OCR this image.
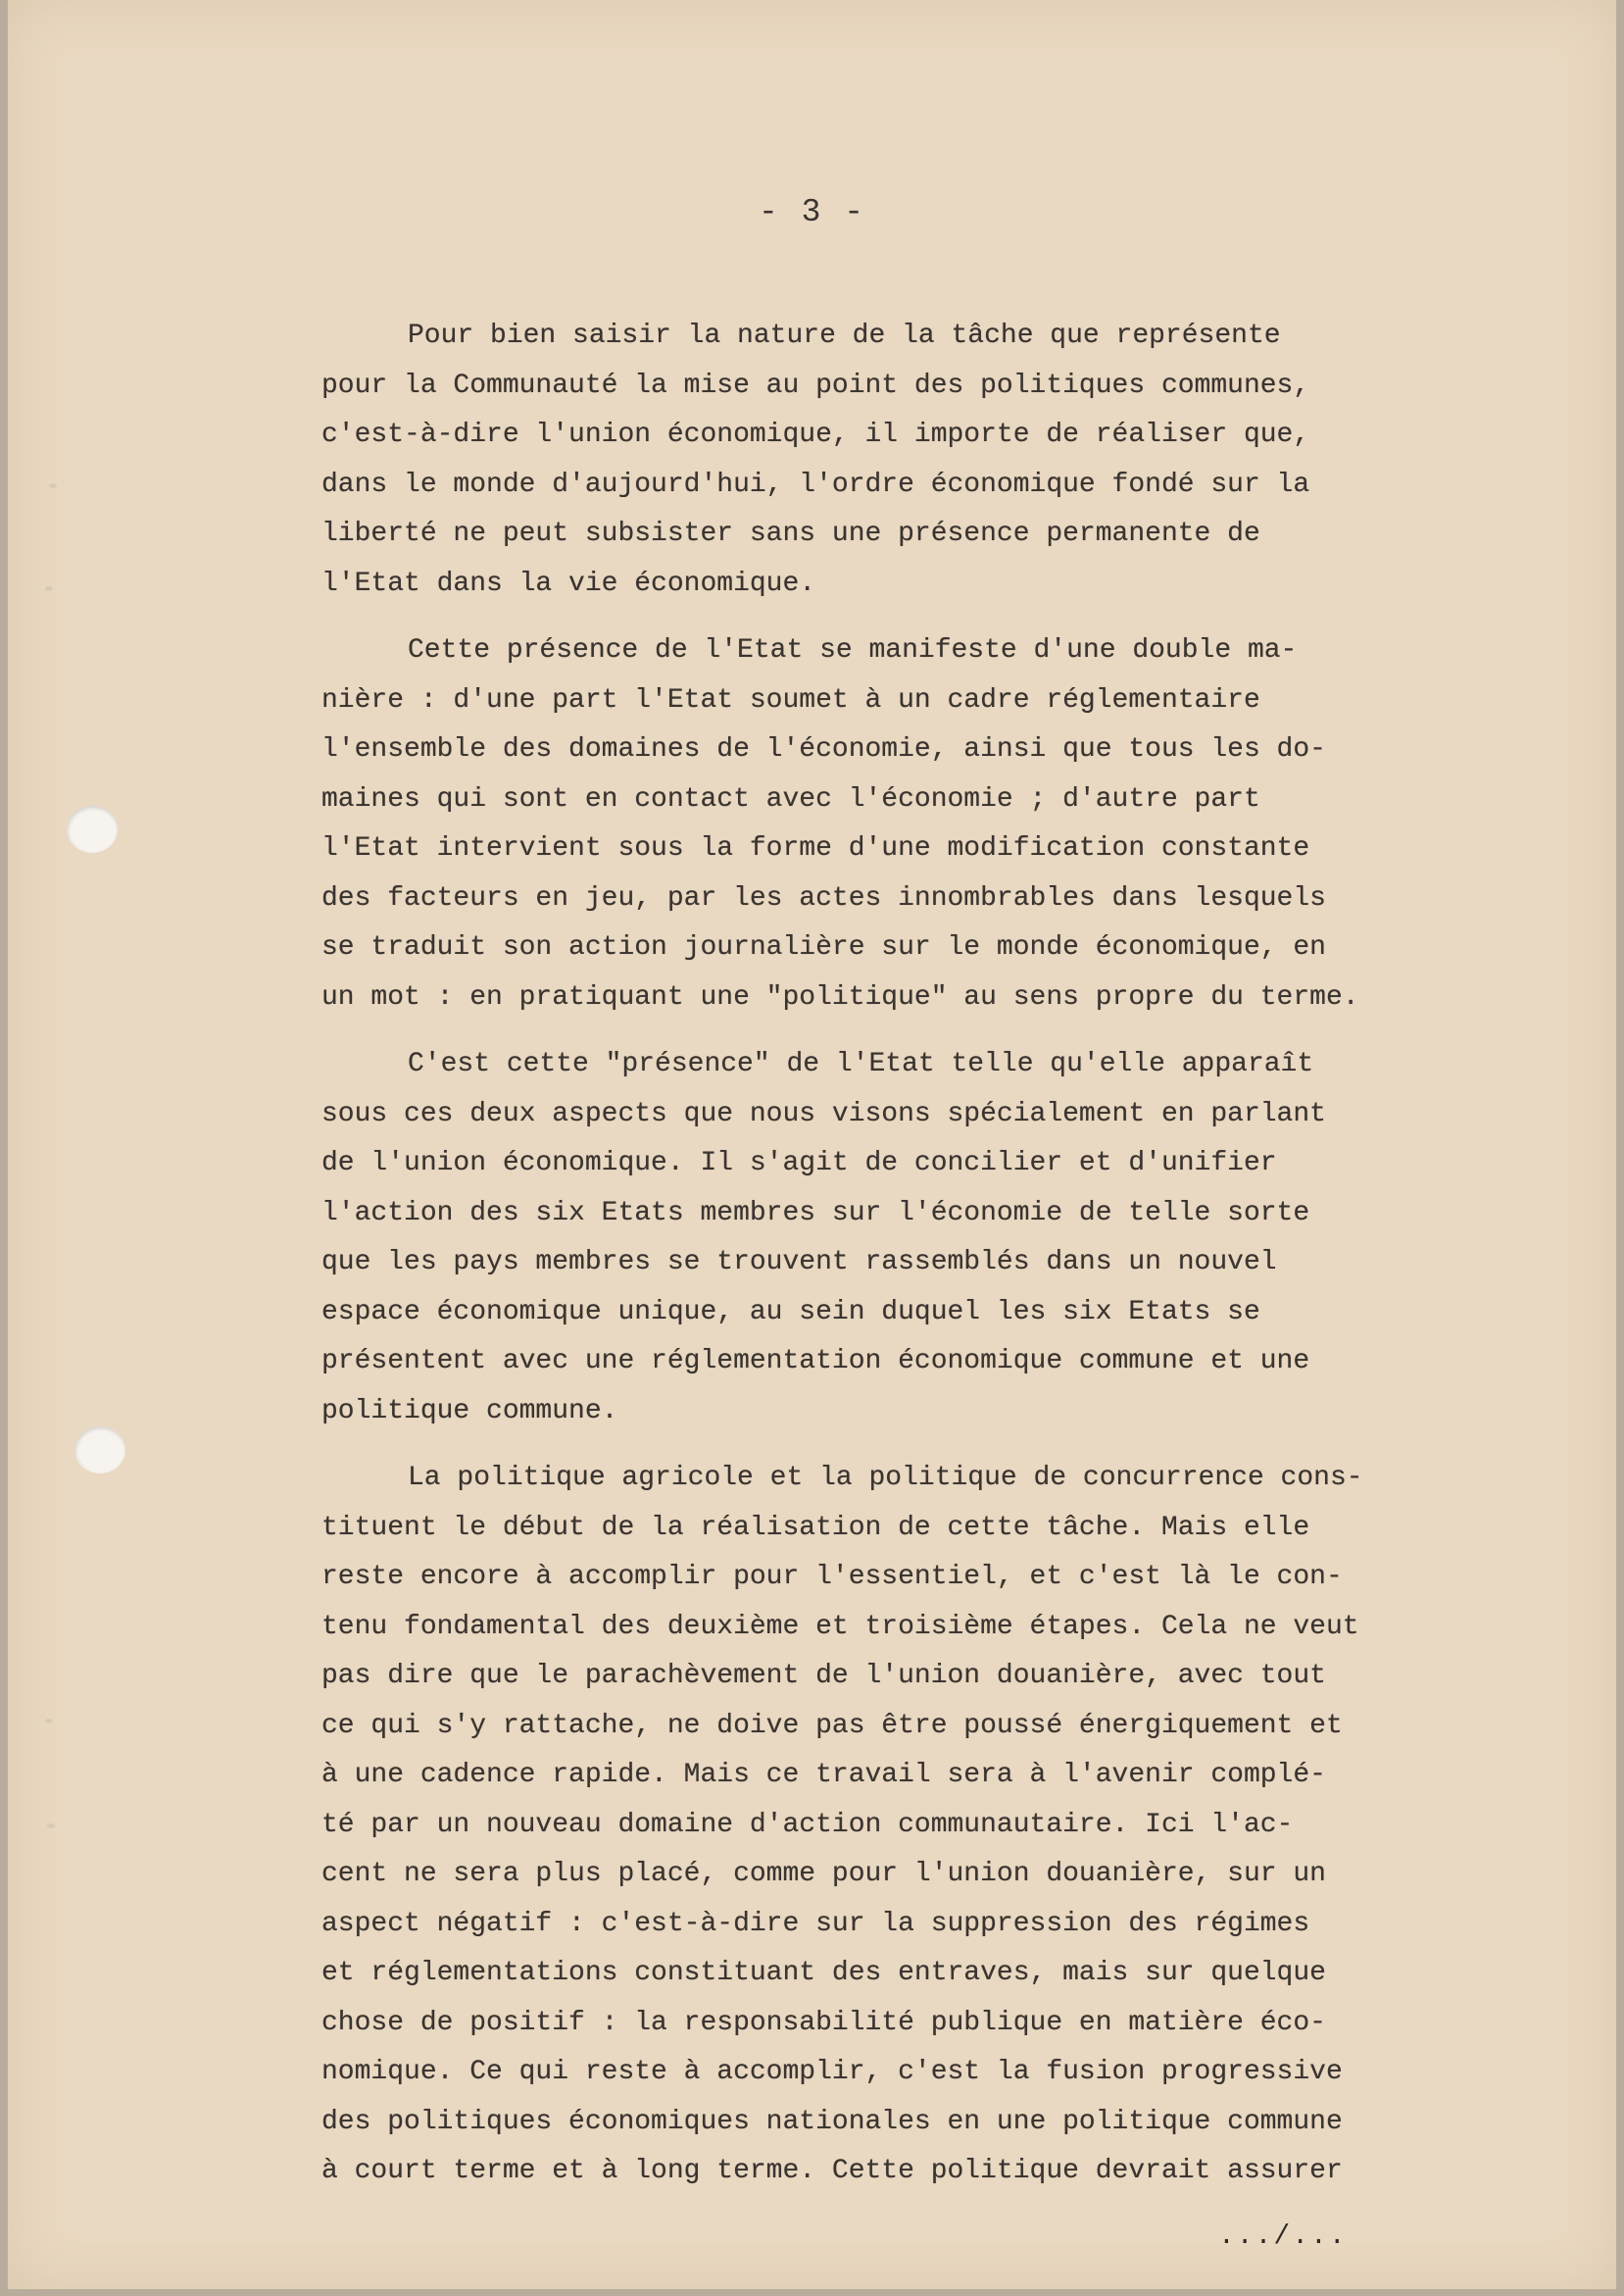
- 3 -
Pour bien saisir la nature de la tâche que représente
pour la Communauté la mise au point des politiques communes,
c'est-à-dire l'union économique, il importe de réaliser que,
dans le monde d'aujourd'hui, l'ordre économique fondé sur la
liberté ne peut subsister sans une présence permanente de
l'Etat dans la vie économique.
Cette présence de l'Etat se manifeste d'une double ma-
nière : d'une part l'Etat soumet à un cadre réglementaire
l'ensemble des domaines de l'économie, ainsi que tous les do-
maines qui sont en contact avec l'économie ; d'autre part
l'Etat intervient sous la forme d'une modification constante
des facteurs en jeu, par les actes innombrables dans lesquels
se traduit son action journalière sur le monde économique, en
un mot : en pratiquant une "politique" au sens propre du terme.
C'est cette "présence" de l'Etat telle qu'elle apparaît
sous ces deux aspects que nous visons spécialement en parlant
de l'union économique. Il s'agit de concilier et d'unifier
l'action des six Etats membres sur l'économie de telle sorte
que les pays membres se trouvent rassemblés dans un nouvel
espace économique unique, au sein duquel les six Etats se
présentent avec une réglementation économique commune et une
politique commune.
La politique agricole et la politique de concurrence cons-
tituent le début de la réalisation de cette tâche. Mais elle
reste encore à accomplir pour l'essentiel, et c'est là le con-
tenu fondamental des deuxième et troisième étapes. Cela ne veut
pas dire que le parachèvement de l'union douanière, avec tout
ce qui s'y rattache, ne doive pas être poussé énergiquement et
à une cadence rapide. Mais ce travail sera à l'avenir complé-
té par un nouveau domaine d'action communautaire. Ici l'ac-
cent ne sera plus placé, comme pour l'union douanière, sur un
aspect négatif : c'est-à-dire sur la suppression des régimes
et réglementations constituant des entraves, mais sur quelque
chose de positif : la responsabilité publique en matière éco-
nomique. Ce qui reste à accomplir, c'est la fusion progressive
des politiques économiques nationales en une politique commune
à court terme et à long terme. Cette politique devrait assurer
.../...
